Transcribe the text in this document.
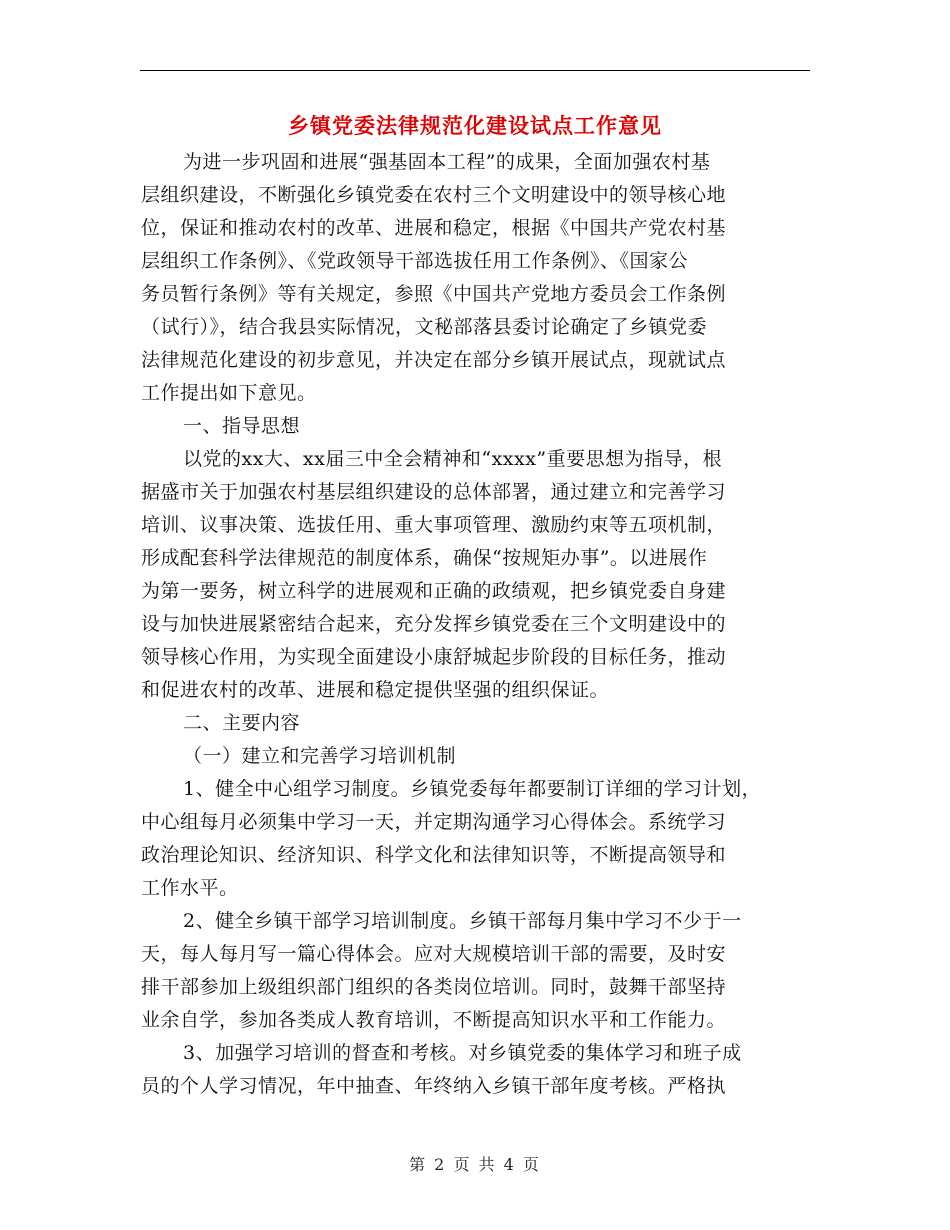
乡镇党委法律规范化建设试点工作意见
为进一步巩固和进展“强基固本工程”的成果，全面加强农村基
层组织建设，不断强化乡镇党委在农村三个文明建设中的领导核心地
位，保证和推动农村的改革、进展和稳定，根据《中国共产党农村基
层组织工作条例》、《党政领导干部选拔任用工作条例》、《国家公
务员暂行条例》等有关规定，参照《中国共产党地方委员会工作条例
（试行）》，结合我县实际情况，文秘部落县委讨论确定了乡镇党委
法律规范化建设的初步意见，并决定在部分乡镇开展试点，现就试点
工作提出如下意见。
一、指导思想
以党的xx大、xx届三中全会精神和“xxxx”重要思想为指导，根
据盛市关于加强农村基层组织建设的总体部署，通过建立和完善学习
培训、议事决策、选拔任用、重大事项管理、激励约束等五项机制，
形成配套科学法律规范的制度体系，确保“按规矩办事”。以进展作
为第一要务，树立科学的进展观和正确的政绩观，把乡镇党委自身建
设与加快进展紧密结合起来，充分发挥乡镇党委在三个文明建设中的
领导核心作用，为实现全面建设小康舒城起步阶段的目标任务，推动
和促进农村的改革、进展和稳定提供坚强的组织保证。
二、主要内容
（一）建立和完善学习培训机制
1、健全中心组学习制度。乡镇党委每年都要制订详细的学习计划，
中心组每月必须集中学习一天，并定期沟通学习心得体会。系统学习
政治理论知识、经济知识、科学文化和法律知识等，不断提高领导和
工作水平。
2、健全乡镇干部学习培训制度。乡镇干部每月集中学习不少于一
天，每人每月写一篇心得体会。应对大规模培训干部的需要，及时安
排干部参加上级组织部门组织的各类岗位培训。同时，鼓舞干部坚持
业余自学，参加各类成人教育培训，不断提高知识水平和工作能力。
3、加强学习培训的督查和考核。对乡镇党委的集体学习和班子成
员的个人学习情况，年中抽查、年终纳入乡镇干部年度考核。严格执
第 2 页 共 4 页
